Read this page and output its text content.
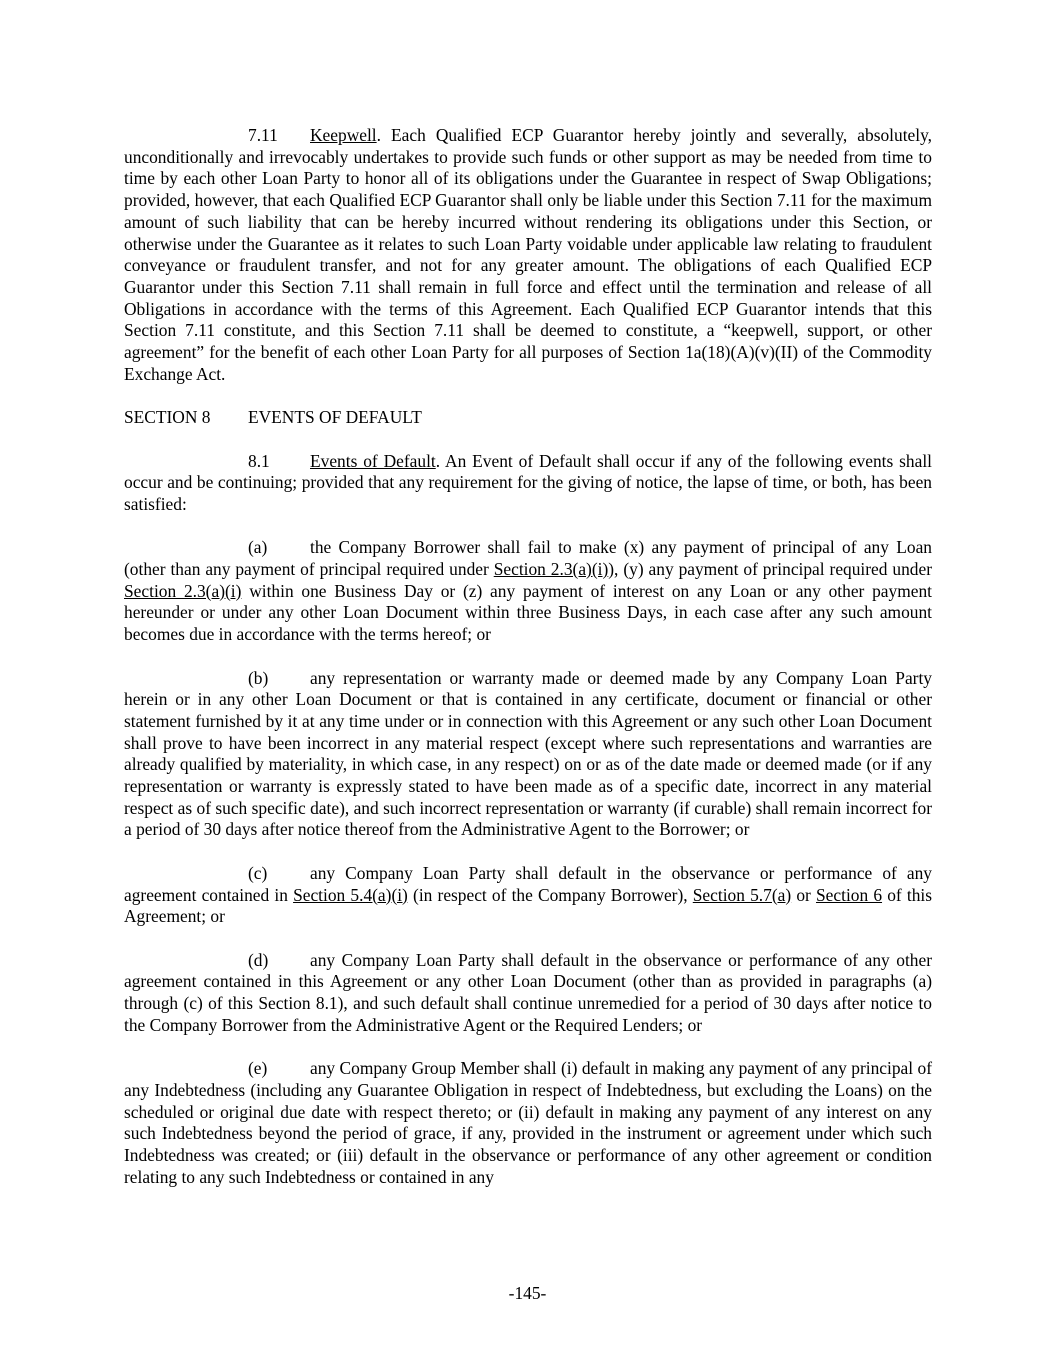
7.11 Keepwell. Each Qualified ECP Guarantor hereby jointly and severally, absolutely, unconditionally and irrevocably undertakes to provide such funds or other support as may be needed from time to time by each other Loan Party to honor all of its obligations under the Guarantee in respect of Swap Obligations; provided, however, that each Qualified ECP Guarantor shall only be liable under this Section 7.11 for the maximum amount of such liability that can be hereby incurred without rendering its obligations under this Section, or otherwise under the Guarantee as it relates to such Loan Party voidable under applicable law relating to fraudulent conveyance or fraudulent transfer, and not for any greater amount. The obligations of each Qualified ECP Guarantor under this Section 7.11 shall remain in full force and effect until the termination and release of all Obligations in accordance with the terms of this Agreement. Each Qualified ECP Guarantor intends that this Section 7.11 constitute, and this Section 7.11 shall be deemed to constitute, a “keepwell, support, or other agreement” for the benefit of each other Loan Party for all purposes of Section 1a(18)(A)(v)(II) of the Commodity Exchange Act.

SECTION 8 EVENTS OF DEFAULT

8.1 Events of Default. An Event of Default shall occur if any of the following events shall occur and be continuing; provided that any requirement for the giving of notice, the lapse of time, or both, has been satisfied:

(a) the Company Borrower shall fail to make (x) any payment of principal of any Loan (other than any payment of principal required under Section 2.3(a)(i)), (y) any payment of principal required under Section 2.3(a)(i) within one Business Day or (z) any payment of interest on any Loan or any other payment hereunder or under any other Loan Document within three Business Days, in each case after any such amount becomes due in accordance with the terms hereof; or

(b) any representation or warranty made or deemed made by any Company Loan Party herein or in any other Loan Document or that is contained in any certificate, document or financial or other statement furnished by it at any time under or in connection with this Agreement or any such other Loan Document shall prove to have been incorrect in any material respect (except where such representations and warranties are already qualified by materiality, in which case, in any respect) on or as of the date made or deemed made (or if any representation or warranty is expressly stated to have been made as of a specific date, incorrect in any material respect as of such specific date), and such incorrect representation or warranty (if curable) shall remain incorrect for a period of 30 days after notice thereof from the Administrative Agent to the Borrower; or

(c) any Company Loan Party shall default in the observance or performance of any agreement contained in Section 5.4(a)(i) (in respect of the Company Borrower), Section 5.7(a) or Section 6 of this Agreement; or

(d) any Company Loan Party shall default in the observance or performance of any other agreement contained in this Agreement or any other Loan Document (other than as provided in paragraphs (a) through (c) of this Section 8.1), and such default shall continue unremedied for a period of 30 days after notice to the Company Borrower from the Administrative Agent or the Required Lenders; or

(e) any Company Group Member shall (i) default in making any payment of any principal of any Indebtedness (including any Guarantee Obligation in respect of Indebtedness, but excluding the Loans) on the scheduled or original due date with respect thereto; or (ii) default in making any payment of any interest on any such Indebtedness beyond the period of grace, if any, provided in the instrument or agreement under which such Indebtedness was created; or (iii) default in the observance or performance of any other agreement or condition relating to any such Indebtedness or contained in any

-145-
